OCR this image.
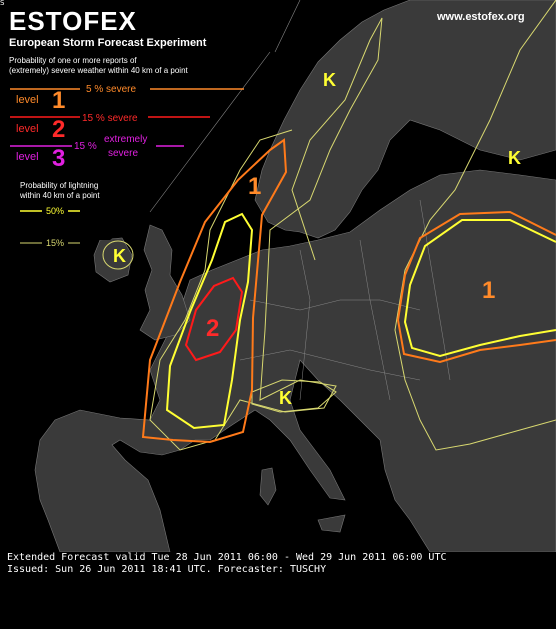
1
1
2
K
K
K
K
ESTOFEX
European Storm Forecast Experiment
www.estofex.org
Probability of one or more reports of
(extremely) severe weather within 40 km of a point
level 1 5 % severe
level 2 15 % severe
level 3 15 %
extremely
severe
Probability of lightning
within 40 km of a point
50%
15%
S
Extended Forecast valid Tue 28 Jun 2011 06:00 - Wed 29 Jun 2011 06:00 UTC
Issued: Sun 26 Jun 2011 18:41 UTC. Forecaster: TUSCHY
